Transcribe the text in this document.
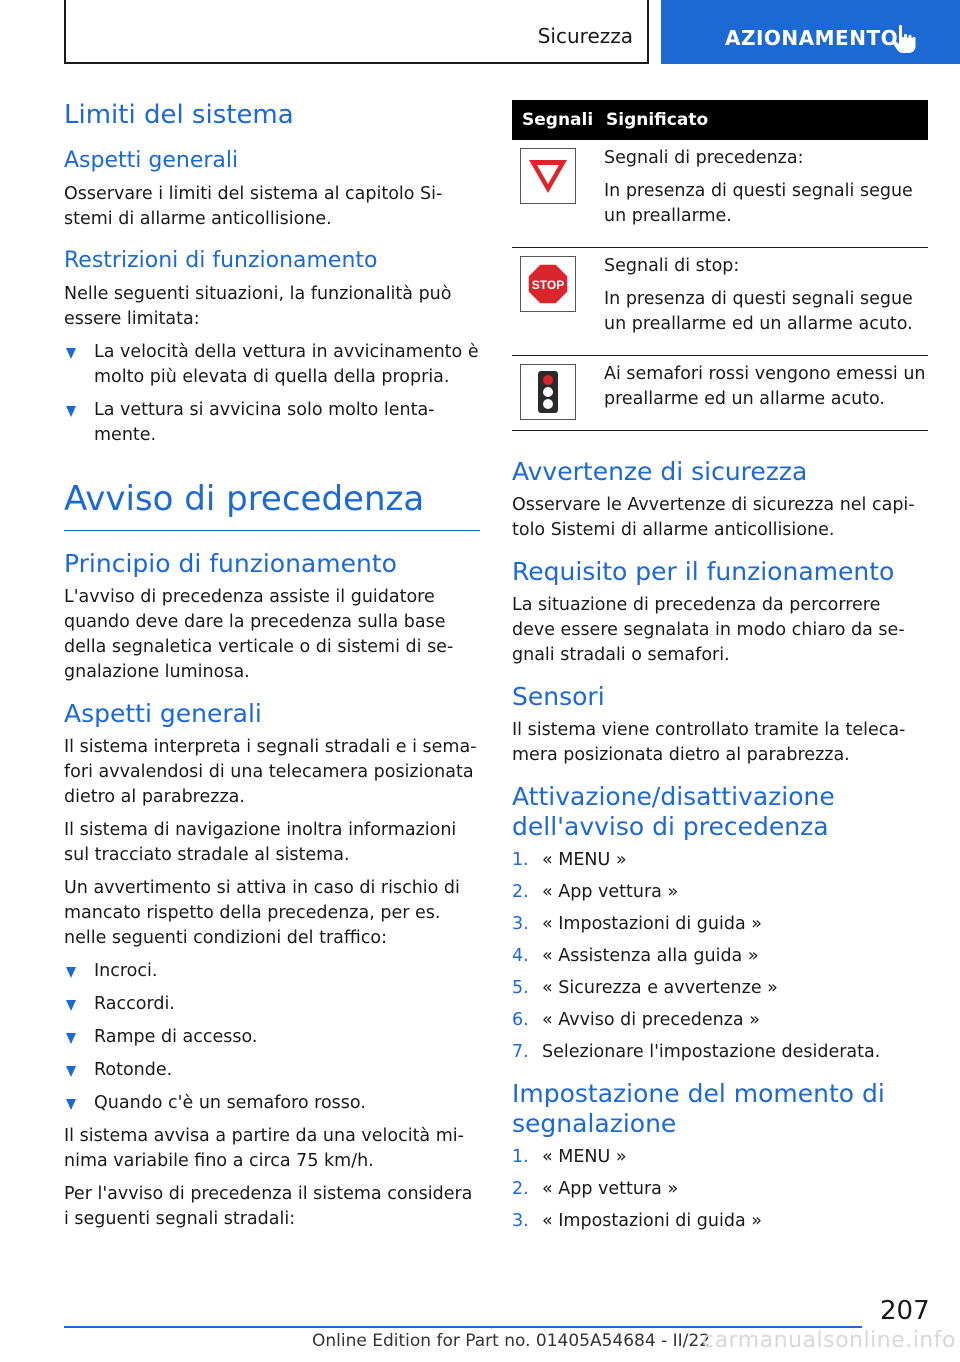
Sicurezza	AZIONAMENTO
Limiti del sistema
Aspetti generali

Osservare i limiti del sistema al capitolo Si-stemi di allarme anticollisione.

Restrizioni di funzionamento

Nelle seguenti situazioni, la funzionalità può essere limitata:

La velocità della vettura in avvicinamento è molto più elevata di quella della propria.
La vettura si avvicina solo molto lenta-mente.
Avviso di precedenza
Principio di funzionamento

L'avviso di precedenza assiste il guidatore quando deve dare la precedenza sulla base della segnaletica verticale o di sistemi di se-gnalazione luminosa.

Aspetti generali

Il sistema interpreta i segnali stradali e i sema-fori avvalendosi di una telecamera posizionata dietro al parabrezza.

Il sistema di navigazione inoltra informazioni sul tracciato stradale al sistema.

Un avvertimento si attiva in caso di rischio di mancato rispetto della precedenza, per es. nelle seguenti condizioni del traffico:

Incroci.
Raccordi.
Rampe di accesso.
Rotonde.
Quando c'è un semaforo rosso.

Il sistema avvisa a partire da una velocità mi-nima variabile fino a circa 75 km/h.

Per l'avviso di precedenza il sistema considera i seguenti segnali stradali:

Segnali	Significato

Segnali di precedenza:

In presenza di questi segnali segue un preallarme.

STOP	Segnali di stop:

In presenza di questi segnali segue un preallarme ed un allarme acuto.

Ai semafori rossi vengono emessi un preallarme ed un allarme acuto.

Avvertenze di sicurezza

Osservare le Avvertenze di sicurezza nel capi-tolo Sistemi di allarme anticollisione.

Requisito per il funzionamento

La situazione di precedenza da percorrere deve essere segnalata in modo chiaro da se-gnali stradali o semafori.

Sensori

Il sistema viene controllato tramite la teleca-mera posizionata dietro al parabrezza.

Attivazione/disattivazione dell'avviso di precedenza
1. « MENU »
2. « App vettura »
3. « Impostazioni di guida »
4. « Assistenza alla guida »
5. « Sicurezza e avvertenze »
6. « Avviso di precedenza »
7. Selezionare l'impostazione desiderata.
Impostazione del momento di segnalazione
1. « MENU »
2. « App vettura »
3. « Impostazioni di guida »
207
Online Edition for Part no. 01405A54684 - II/22
carmanualsonline.info
